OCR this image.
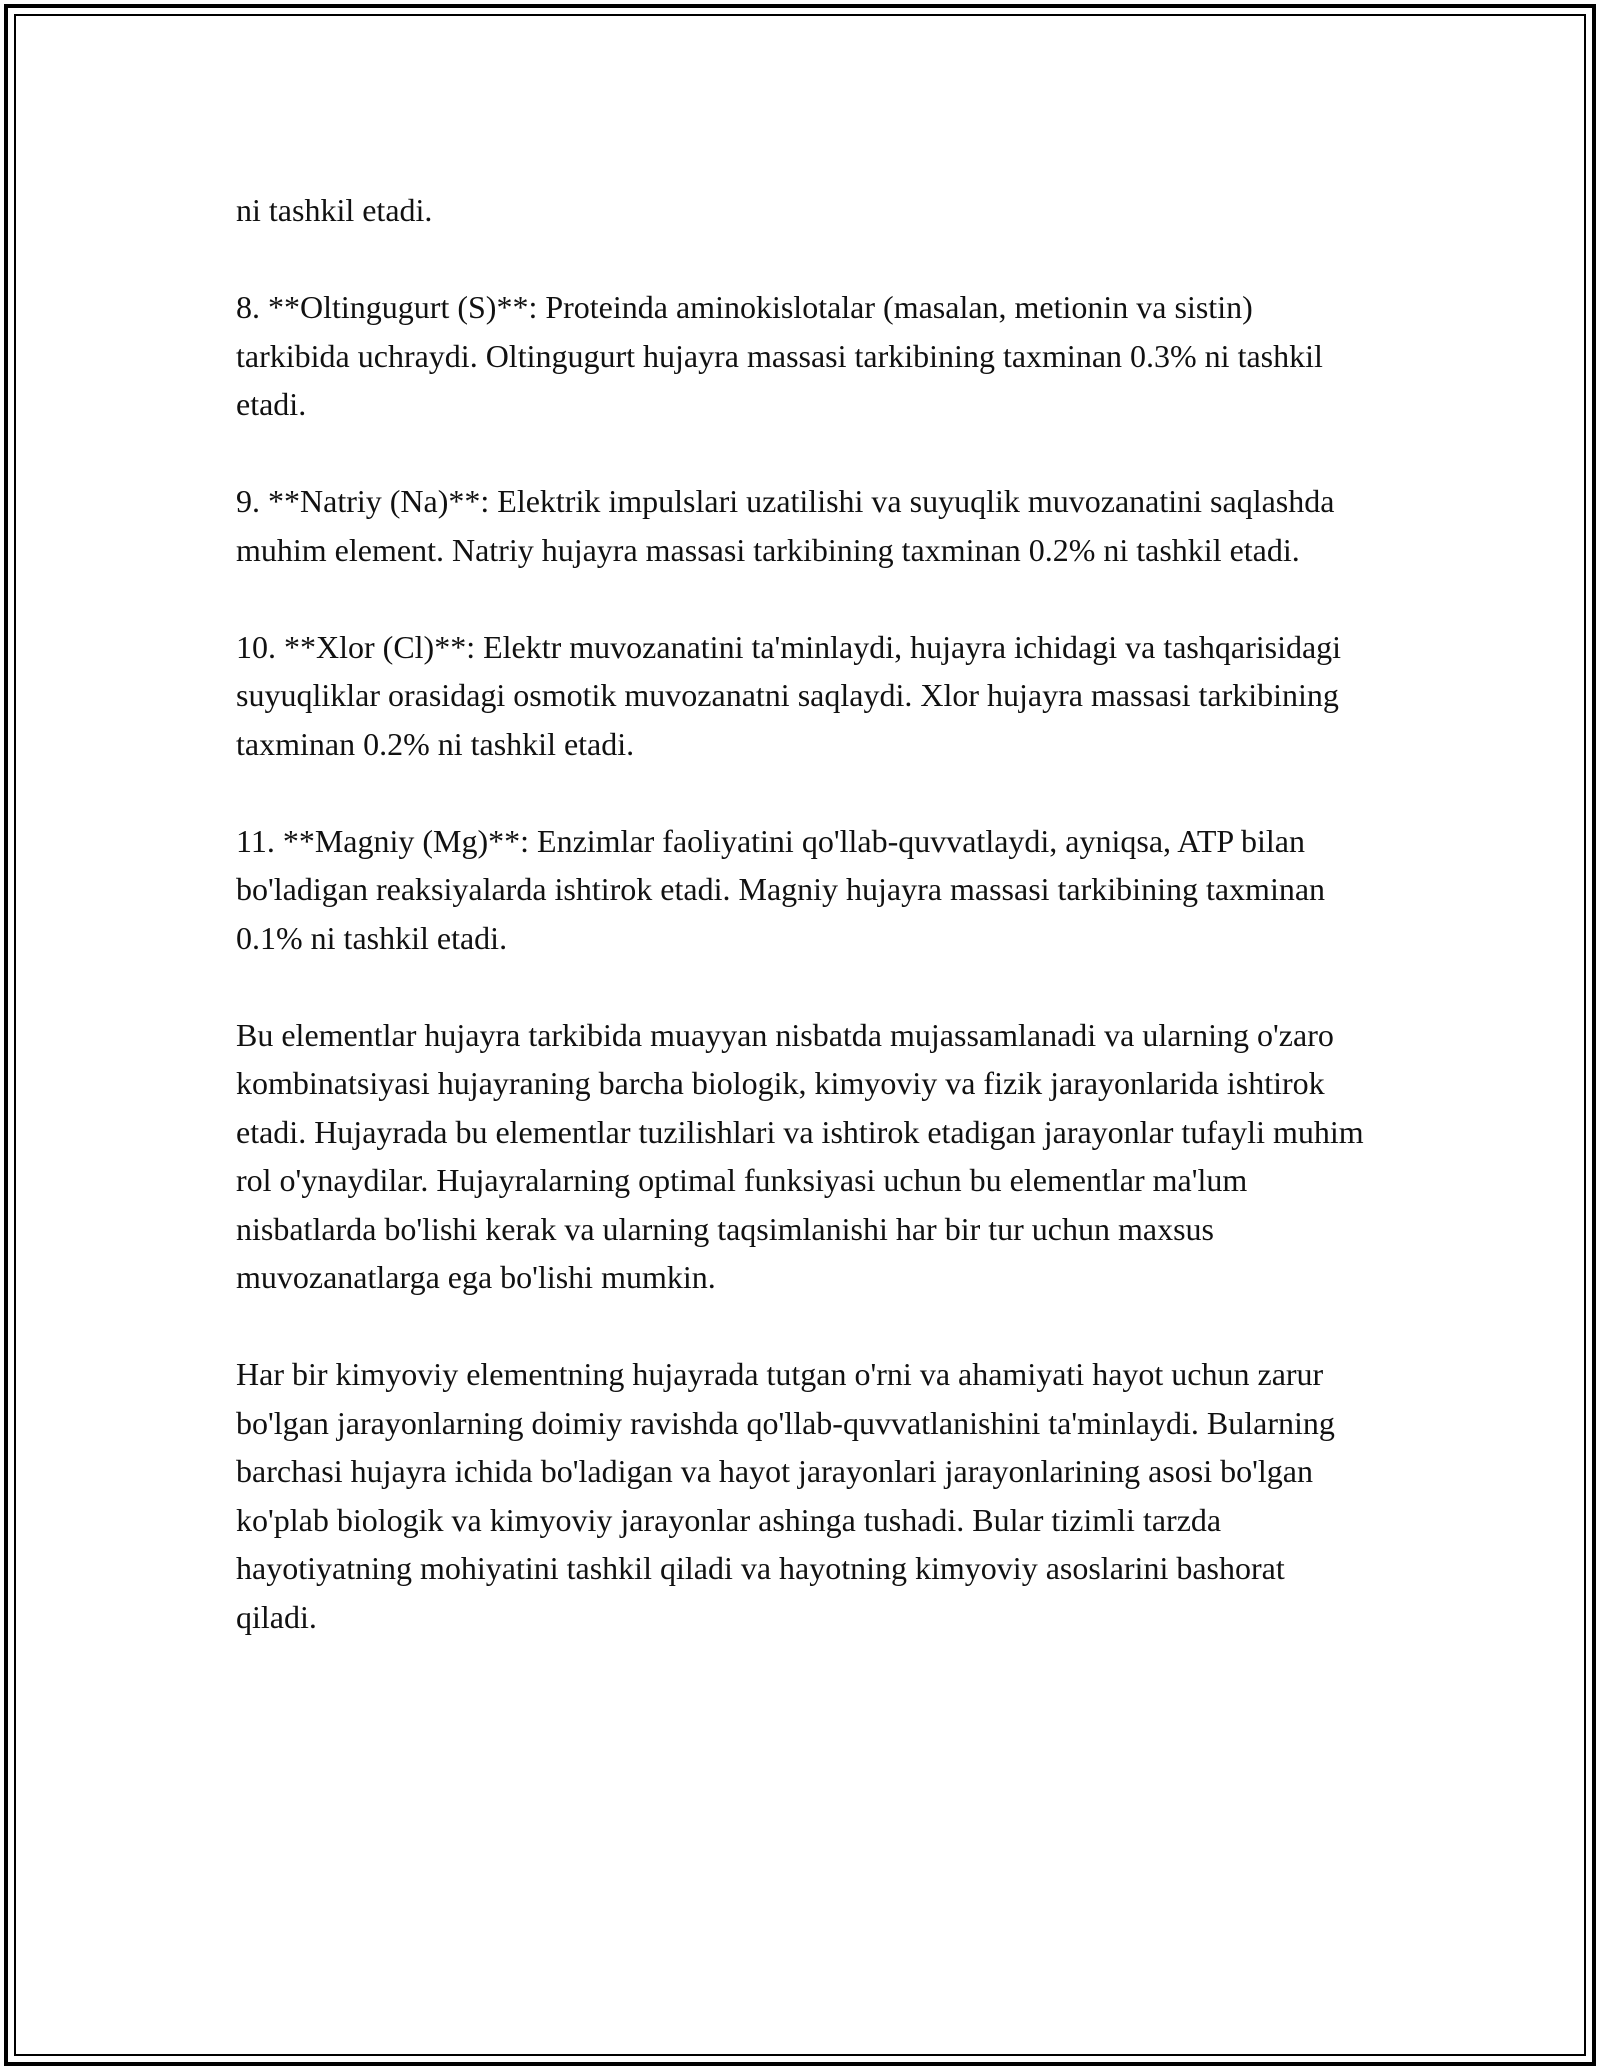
ni tashkil etadi.

8. **Oltingugurt (S)**: Proteinda aminokislotalar (masalan, metionin va sistin) tarkibida uchraydi. Oltingugurt hujayra massasi tarkibining taxminan 0.3% ni tashkil etadi.

9. **Natriy (Na)**: Elektrik impulslari uzatilishi va suyuqlik muvozanatini saqlashda muhim element. Natriy hujayra massasi tarkibining taxminan 0.2% ni tashkil etadi.

10. **Xlor (Cl)**: Elektr muvozanatini ta'minlaydi, hujayra ichidagi va tashqarisidagi suyuqliklar orasidagi osmotik muvozanatni saqlaydi. Xlor hujayra massasi tarkibining taxminan 0.2% ni tashkil etadi.

11. **Magniy (Mg)**: Enzimlar faoliyatini qo'llab-quvvatlaydi, ayniqsa, ATP bilan bo'ladigan reaksiyalarda ishtirok etadi. Magniy hujayra massasi tarkibining taxminan 0.1% ni tashkil etadi.

Bu elementlar hujayra tarkibida muayyan nisbatda mujassamlanadi va ularning o'zaro kombinatsiyasi hujayraning barcha biologik, kimyoviy va fizik jarayonlarida ishtirok etadi. Hujayrada bu elementlar tuzilishlari va ishtirok etadigan jarayonlar tufayli muhim rol o'ynaydilar. Hujayralarning optimal funksiyasi uchun bu elementlar ma'lum nisbatlarda bo'lishi kerak va ularning taqsimlanishi har bir tur uchun maxsus muvozanatlarga ega bo'lishi mumkin.

Har bir kimyoviy elementning hujayrada tutgan o'rni va ahamiyati hayot uchun zarur bo'lgan jarayonlarning doimiy ravishda qo'llab-quvvatlanishini ta'minlaydi. Bularning barchasi hujayra ichida bo'ladigan va hayot jarayonlari jarayonlarining asosi bo'lgan ko'plab biologik va kimyoviy jarayonlar ashinga tushadi. Bular tizimli tarzda hayotiyatning mohiyatini tashkil qiladi va hayotning kimyoviy asoslarini bashorat qiladi.
